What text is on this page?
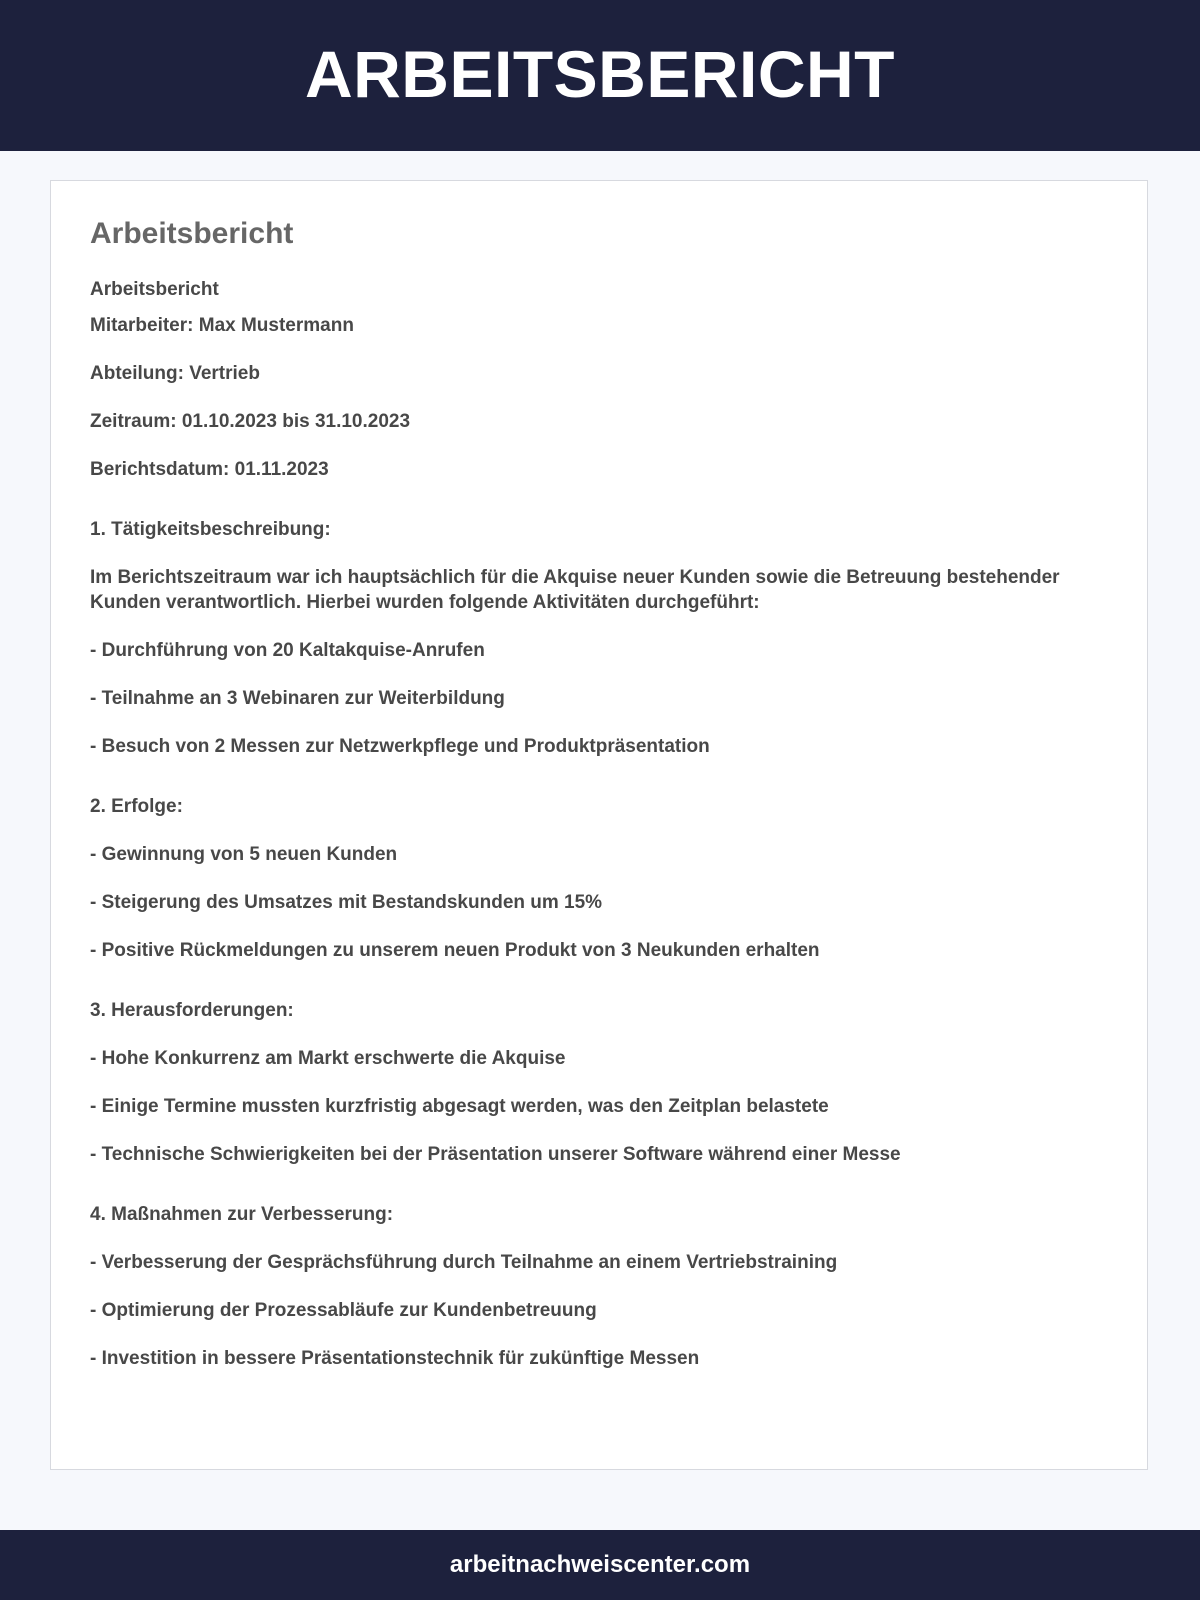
ARBEITSBERICHT
Arbeitsbericht
Arbeitsbericht
Mitarbeiter: Max Mustermann
Abteilung: Vertrieb
Zeitraum: 01.10.2023 bis 31.10.2023
Berichtsdatum: 01.11.2023
1. Tätigkeitsbeschreibung:
Im Berichtszeitraum war ich hauptsächlich für die Akquise neuer Kunden sowie die Betreuung bestehender Kunden verantwortlich. Hierbei wurden folgende Aktivitäten durchgeführt:
- Durchführung von 20 Kaltakquise-Anrufen
- Teilnahme an 3 Webinaren zur Weiterbildung
- Besuch von 2 Messen zur Netzwerkpflege und Produktpräsentation
2. Erfolge:
- Gewinnung von 5 neuen Kunden
- Steigerung des Umsatzes mit Bestandskunden um 15%
- Positive Rückmeldungen zu unserem neuen Produkt von 3 Neukunden erhalten
3. Herausforderungen:
- Hohe Konkurrenz am Markt erschwerte die Akquise
- Einige Termine mussten kurzfristig abgesagt werden, was den Zeitplan belastete
- Technische Schwierigkeiten bei der Präsentation unserer Software während einer Messe
4. Maßnahmen zur Verbesserung:
- Verbesserung der Gesprächsführung durch Teilnahme an einem Vertriebstraining
- Optimierung der Prozessabläufe zur Kundenbetreuung
- Investition in bessere Präsentationstechnik für zukünftige Messen
arbeitnachweiscenter.com
